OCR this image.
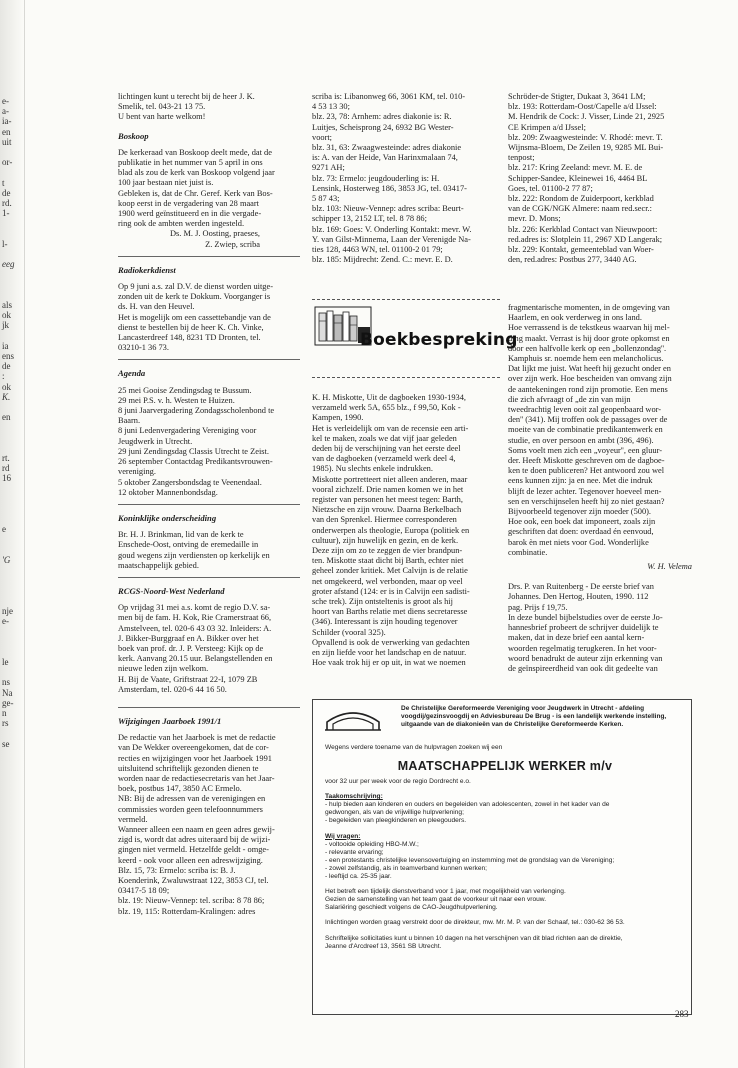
e-
a-
ia-
en
uit
or-
t
de
rd.
1-
l-
eeg
als
ok
jk
ia
ens
de
:
ok
K.
en
rt.
rd
16
e
'G
nje
e-
le
ns
Na
ge-
n
rs
se

lichtingen kunt u terecht bij de heer J. K.

Smelik, tel. 043-21 13 75.

U bent van harte welkom!

Boskoop

De kerkeraad van Boskoop deelt mede, dat de

publikatie in het nummer van 5 april in ons

blad als zou de kerk van Boskoop volgend jaar

100 jaar bestaan niet juist is.

Gebleken is, dat de Chr. Geref. Kerk van Bos-

koop eerst in de vergadering van 28 maart

1900 werd geïnstitueerd en in die vergade-

ring ook de ambten werden ingesteld.

Ds. M. J. Oosting, praeses,

Z. Zwiep, scriba

Radiokerkdienst

Op 9 juni a.s. zal D.V. de dienst worden uitge-

zonden uit de kerk te Dokkum. Voorganger is

ds. H. van den Heuvel.

Het is mogelijk om een cassettebandje van de

dienst te bestellen bij de heer K. Ch. Vinke,

Lancasterdreef 148, 8231 TD Dronten, tel.

03210-1 36 73.

Agenda

25 mei Gooise Zendingsdag te Bussum.

29 mei P.S. v. h. Westen te Huizen.

8 juni Jaarvergadering Zondagsscholenbond te

Baarn.

8 juni Ledenvergadering Vereniging voor

Jeugdwerk in Utrecht.

29 juni Zendingsdag Classis Utrecht te Zeist.

26 september Contactdag Predikantsvrouwen-

vereniging.

5 oktober Zangersbondsdag te Veenendaal.

12 oktober Mannenbondsdag.

Koninklijke onderscheiding

Br. H. J. Brinkman, lid van de kerk te

Enschede-Oost, ontving de eremedaille in

goud wegens zijn verdiensten op kerkelijk en

maatschappelijk gebied.

RCGS-Noord-West Nederland

Op vrijdag 31 mei a.s. komt de regio D.V. sa-

men bij de fam. H. Kok, Rie Cramerstraat 66,

Amstelveen, tel. 020-6 43 03 32. Inleiders: A.

J. Bikker-Burggraaf en A. Bikker over het

boek van prof. dr. J. P. Versteeg: Kijk op de

kerk. Aanvang 20.15 uur. Belangstellenden en

nieuwe leden zijn welkom.

H. Bij de Vaate, Griftstraat 22-I, 1079 ZB

Amsterdam, tel. 020-6 44 16 50.

Wijzigingen Jaarboek 1991/1

De redactie van het Jaarboek is met de redactie

van De Wekker overeengekomen, dat de cor-

recties en wijzigingen voor het Jaarboek 1991

uitsluitend schriftelijk gezonden dienen te

worden naar de redactiesecretaris van het Jaar-

boek, postbus 147, 3850 AC Ermelo.

NB: Bij de adressen van de verenigingen en

commissies worden geen telefoonnummers

vermeld.

Wanneer alleen een naam en geen adres gewij-

zigd is, wordt dat adres uiteraard bij de wijzi-

gingen niet vermeld. Hetzelfde geldt - omge-

keerd - ook voor alleen een adreswijziging.

Blz. 15, 73: Ermelo: scriba is: B. J.

Koenderink, Zwaluwstraat 122, 3853 CJ, tel.

03417-5 18 09;

blz. 19: Nieuw-Vennep: tel. scriba: 8 78 86;

blz. 19, 115: Rotterdam-Kralingen: adres

scriba is: Libanonweg 66, 3061 KM, tel. 010-

4 53 13 30;

blz. 23, 78: Arnhem: adres diakonie is: R.

Luitjes, Scheisprong 24, 6932 BG Wester-

voort;

blz. 31, 63: Zwaagwesteinde: adres diakonie

is: A. van der Heide, Van Harinxmalaan 74,

9271 AH;

blz. 73: Ermelo: jeugdouderling is: H.

Lensink, Hosterweg 186, 3853 JG, tel. 03417-

5 87 43;

blz. 103: Nieuw-Vennep: adres scriba: Beurt-

schipper 13, 2152 LT, tel. 8 78 86;

blz. 169: Goes: V. Onderling Kontakt: mevr. W.

Y. van Gilst-Minnema, Laan der Verenigde Na-

ties 128, 4463 WN, tel. 01100-2 01 79;

blz. 185: Mijdrecht: Zend. C.: mevr. E. D.

Schröder-de Stigter, Dukaat 3, 3641 LM;

blz. 193: Rotterdam-Oost/Capelle a/d IJssel:

M. Hendrik de Cock: J. Visser, Linde 21, 2925

CE Krimpen a/d IJssel;

blz. 209: Zwaagwesteinde: V. Rhodé: mevr. T.

Wijnsma-Bloem, De Zeilen 19, 9285 ML Bui-

tenpost;

blz. 217: Kring Zeeland: mevr. M. E. de

Schipper-Sandee, Kleinewei 16, 4464 BL

Goes, tel. 01100-2 77 87;

blz. 222: Rondom de Zuiderpoort, kerkblad

van de CGK/NGK Almere: naam red.secr.:

mevr. D. Mons;

blz. 226: Kerkblad Contact van Nieuwpoort:

red.adres is: Slotplein 11, 2967 XD Langerak;

blz. 229: Kontakt, gemeenteblad van Woer-

den, red.adres: Postbus 277, 3440 AG.

Boekbespreking

K. H. Miskotte, Uit de dagboeken 1930-1934,

verzameld werk 5A, 655 blz., f 99,50, Kok -

Kampen, 1990.

Het is verleidelijk om van de recensie een arti-

kel te maken, zoals we dat vijf jaar geleden

deden bij de verschijning van het eerste deel

van de dagboeken (verzameld werk deel 4,

1985). Nu slechts enkele indrukken.

Miskotte portretteert niet alleen anderen, maar

vooral zichzelf. Drie namen komen we in het

register van personen het meest tegen: Barth,

Nietzsche en zijn vrouw. Daarna Berkelbach

van den Sprenkel. Hiermee corresponderen

onderwerpen als theologie, Europa (politiek en

cultuur), zijn huwelijk en gezin, en de kerk.

Deze zijn om zo te zeggen de vier brandpun-

ten. Miskotte staat dicht bij Barth, echter niet

geheel zonder kritiek. Met Calvijn is de relatie

net omgekeerd, wel verbonden, maar op veel

groter afstand (124: er is in Calvijn een sadisti-

sche trek). Zijn ontsteltenis is groot als hij

hoort van Barths relatie met diens secretaresse

(346). Interessant is zijn houding tegenover

Schilder (vooral 325).

Opvallend is ook de verwerking van gedachten

en zijn liefde voor het landschap en de natuur.

Hoe vaak trok hij er op uit, in wat we noemen

fragmentarische momenten, in de omgeving van

Haarlem, en ook verderweg in ons land.

Hoe verrassend is de tekstkeus waarvan hij mel-

ding maakt. Verrast is hij door grote opkomst en

door een halfvolle kerk op een „bollenzondag''.

Kamphuis sr. noemde hem een melancholicus.

Dat lijkt me juist. Wat heeft hij gezucht onder en

over zijn werk. Hoe bescheiden van omvang zijn

de aantekeningen rond zijn promotie. Een mens

die zich afvraagt of „de zin van mijn

tweedrachtig leven ooit zal geopenbaard wor-

den'' (341). Mij troffen ook de passages over de

moeite van de combinatie predikantenwerk en

studie, en over persoon en ambt (396, 496).

Soms voelt men zich een „voyeur'', een gluur-

der. Heeft Miskotte geschreven om de dagboe-

ken te doen publiceren? Het antwoord zou wel

eens kunnen zijn: ja en nee. Met die indruk

blijft de lezer achter. Tegenover hoeveel men-

sen en verschijnselen heeft hij zo niet gestaan?

Bijvoorbeeld tegenover zijn moeder (500).

Hoe ook, een boek dat imponeert, zoals zijn

geschriften dat doen: overdaad én eenvoud,

barok èn met niets voor God. Wonderlijke

combinatie.

W. H. Velema

Drs. P. van Ruitenberg - De eerste brief van

Johannes. Den Hertog, Houten, 1990. 112

pag. Prijs f 19,75.

In deze bundel bijbelstudies over de eerste Jo-

hannesbrief probeert de schrijver duidelijk te

maken, dat in deze brief een aantal kern-

woorden regelmatig terugkeren. In het voor-

woord benadrukt de auteur zijn erkenning van

de geïnspireerdheid van ook dit gedeelte van

De Christelijke Gereformeerde Vereniging voor Jeugdwerk in Utrecht - afdeling voogdij/gezinsvoogdij en Adviesbureau De Brug - is een landelijk werkende instelling, uitgaande van de diakonieën van de Christelijke Gereformeerde Kerken.

Wegens verdere toename van de hulpvragen zoeken wij een

MAATSCHAPPELIJK WERKER m/v

voor 32 uur per week voor de regio Dordrecht e.o.

Taakomschrijving:

- hulp bieden aan kinderen en ouders en begeleiden van adolescenten, zowel in het kader van de

gedwongen, als van de vrijwillige hulpverlening;

- begeleiden van pleegkinderen en pleegouders.

Wij vragen:

- voltooide opleiding HBO-M.W.;

- relevante ervaring;

- een protestants christelijke levensovertuiging en instemming met de grondslag van de Vereniging;

- zowel zelfstandig, als in teamverband kunnen werken;

- leeftijd ca. 25-35 jaar.

Het betreft een tijdelijk dienstverband voor 1 jaar, met mogelijkheid van verlenging.

Gezien de samenstelling van het team gaat de voorkeur uit naar een vrouw.

Salariëring geschiedt volgens de CAO-Jeugdhulpverlening.

Inlichtingen worden graag verstrekt door de direkteur, mw. Mr. M. P. van der Schaaf, tel.: 030-62 36 53.

Schriftelijke sollicitaties kunt u binnen 10 dagen na het verschijnen van dit blad richten aan de direktie,

Jeanne d'Arcdreef 13, 3561 SB Utrecht.

283
